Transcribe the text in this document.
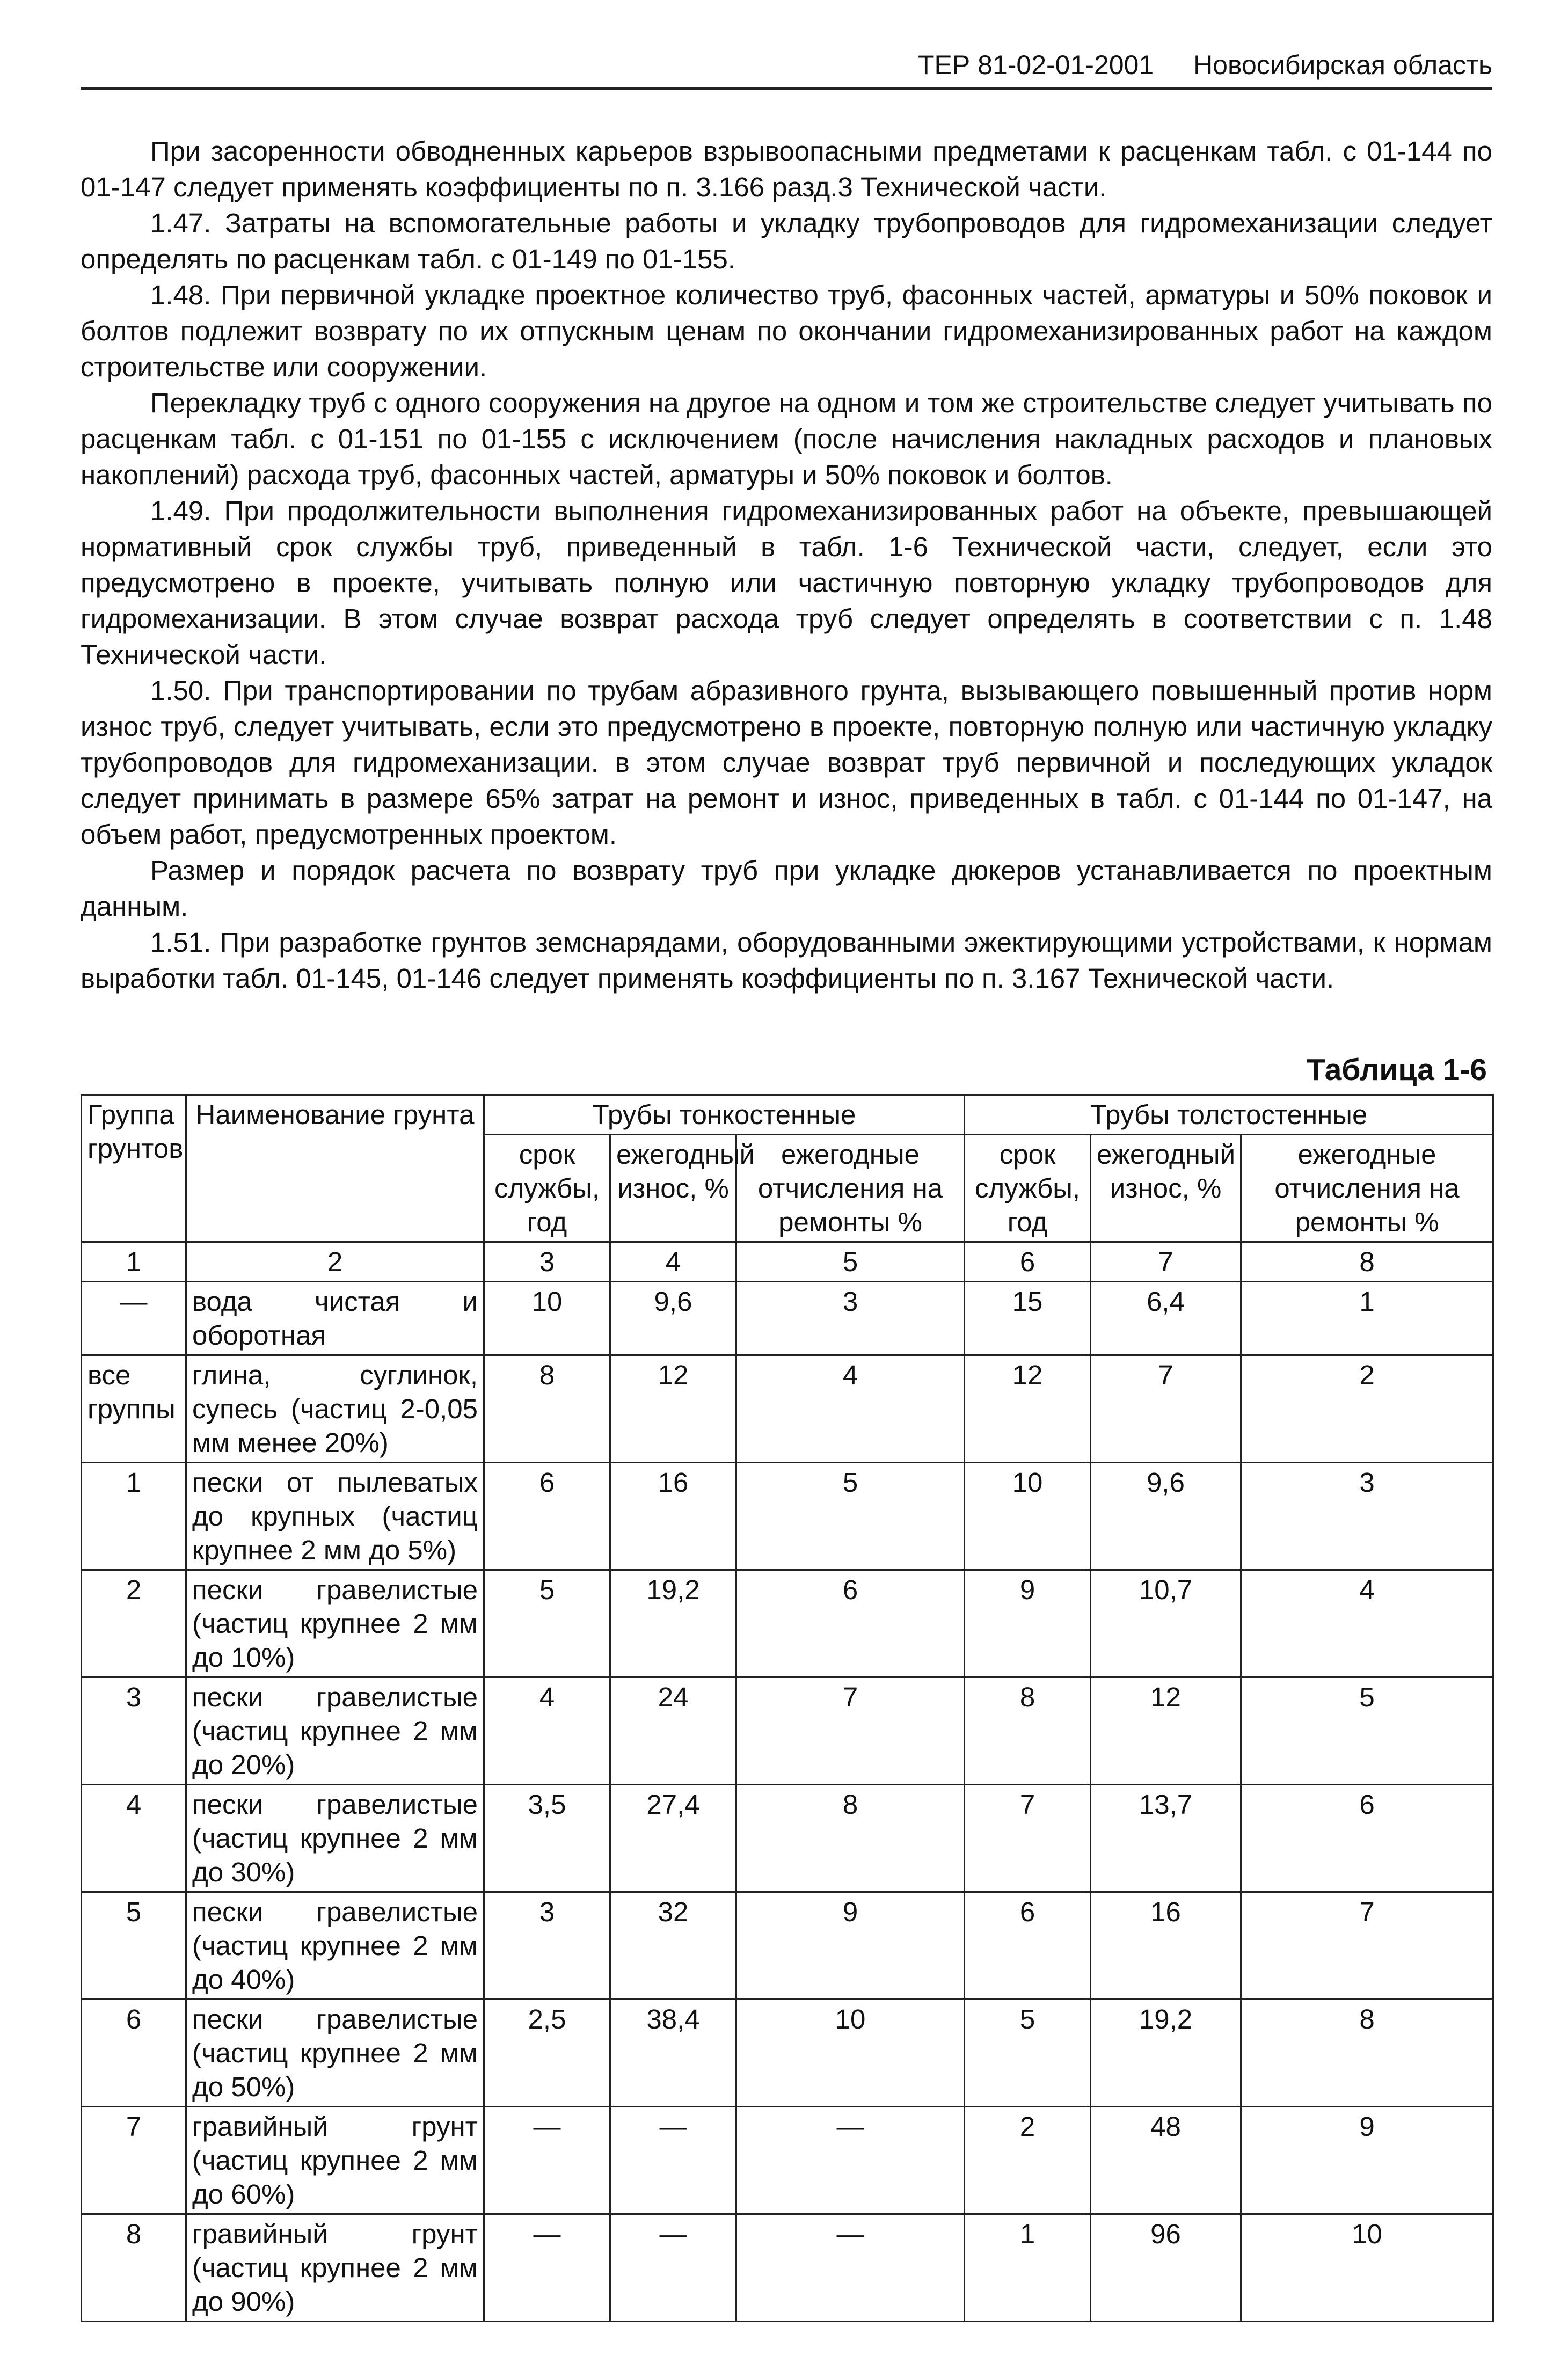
ТЕР 81-02-01-2001 Новосибирская область

При засоренности обводненных карьеров взрывоопасными предметами к расценкам табл. с 01-144 по 01-147 следует применять коэффициенты по п. 3.166 разд.3 Технической части.

1.47. Затраты на вспомогательные работы и укладку трубопроводов для гидромеханизации следует определять по расценкам табл. с 01-149 по 01-155.

1.48. При первичной укладке проектное количество труб, фасонных частей, арматуры и 50% поковок и болтов подлежит возврату по их отпускным ценам по окончании гидромеханизированных работ на каждом строительстве или сооружении.

Перекладку труб с одного сооружения на другое на одном и том же строительстве следует учитывать по расценкам табл. с 01-151 по 01-155 с исключением (после начисления накладных расходов и плановых накоплений) расхода труб, фасонных частей, арматуры и 50% поковок и болтов.

1.49. При продолжительности выполнения гидромеханизированных работ на объекте, превышающей нормативный срок службы труб, приведенный в табл. 1-6 Технической части, следует, если это предусмотрено в проекте, учитывать полную или частичную повторную укладку трубопроводов для гидромеханизации. В этом случае возврат расхода труб следует определять в соответствии с п. 1.48 Технической части.

1.50. При транспортировании по трубам абразивного грунта, вызывающего повышенный против норм износ труб, следует учитывать, если это предусмотрено в проекте, повторную полную или частичную укладку трубопроводов для гидромеханизации. в этом случае возврат труб первичной и последующих укладок следует принимать в размере 65% затрат на ремонт и износ, приведенных в табл. с 01-144 по 01-147, на объем работ, предусмотренных проектом.

Размер и порядок расчета по возврату труб при укладке дюкеров устанавливается по проектным данным.

1.51. При разработке грунтов земснарядами, оборудованными эжектирующими устройствами, к нормам выработки табл. 01-145, 01-146 следует применять коэффициенты по п. 3.167 Технической части.

Таблица 1-6
Группа грунтов	Наименование грунта	Трубы тонкостенные			Трубы толстостенные		
		срок службы, год	ежегодный износ, %	ежегодные отчисления на ремонты %	срок службы, год	ежегодный износ, %	ежегодные отчисления на ремонты %
1	2	3	4	5	6	7	8
—	вода чистая и оборотная	10	9,6	3	15	6,4	1
все группы	глина, суглинок, супесь (частиц 2-0,05 мм менее 20%)	8	12	4	12	7	2
1	пески от пылеватых до крупных (частиц крупнее 2 мм до 5%)	6	16	5	10	9,6	3
2	пески гравелистые (частиц крупнее 2 мм до 10%)	5	19,2	6	9	10,7	4
3	пески гравелистые (частиц крупнее 2 мм до 20%)	4	24	7	8	12	5
4	пески гравелистые (частиц крупнее 2 мм до 30%)	3,5	27,4	8	7	13,7	6
5	пески гравелистые (частиц крупнее 2 мм до 40%)	3	32	9	6	16	7
6	пески гравелистые (частиц крупнее 2 мм до 50%)	2,5	38,4	10	5	19,2	8
7	гравийный грунт (частиц крупнее 2 мм до 60%)	—	—	—	2	48	9
8	гравийный грунт (частиц крупнее 2 мм до 90%)	—	—	—	1	96	10
